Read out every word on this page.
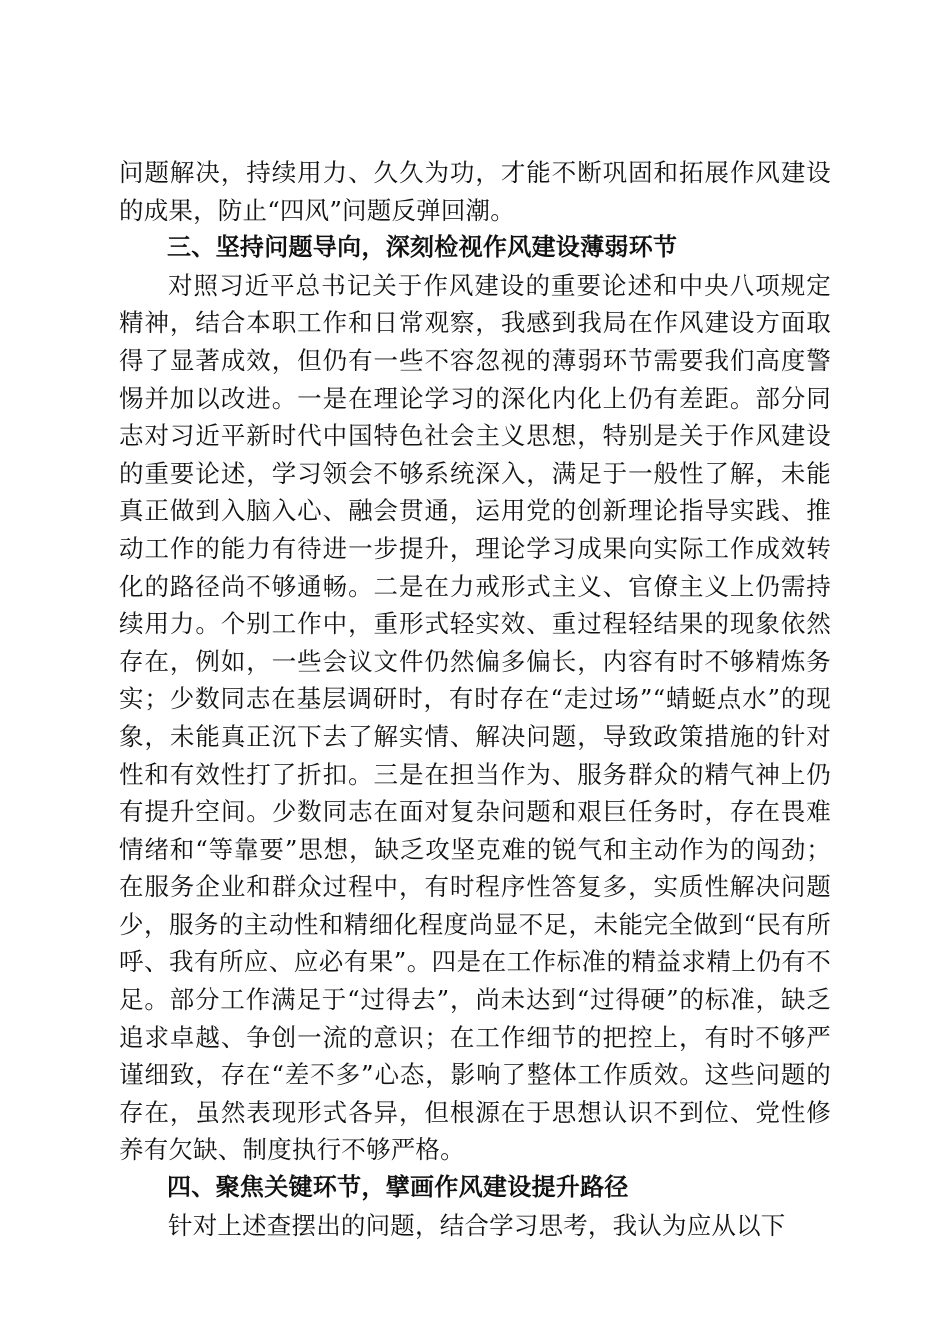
问题解决，持续用力、久久为功，才能不断巩固和拓展作风建设的成果，防止“四风”问题反弹回潮。

三、坚持问题导向，深刻检视作风建设薄弱环节

对照习近平总书记关于作风建设的重要论述和中央八项规定精神，结合本职工作和日常观察，我感到我局在作风建设方面取得了显著成效，但仍有一些不容忽视的薄弱环节需要我们高度警惕并加以改进。一是在理论学习的深化内化上仍有差距。部分同志对习近平新时代中国特色社会主义思想，特别是关于作风建设的重要论述，学习领会不够系统深入，满足于一般性了解，未能真正做到入脑入心、融会贯通，运用党的创新理论指导实践、推动工作的能力有待进一步提升，理论学习成果向实际工作成效转化的路径尚不够通畅。二是在力戒形式主义、官僚主义上仍需持续用力。个别工作中，重形式轻实效、重过程轻结果的现象依然存在，例如，一些会议文件仍然偏多偏长，内容有时不够精炼务实；少数同志在基层调研时，有时存在“走过场”“蜻蜓点水”的现象，未能真正沉下去了解实情、解决问题，导致政策措施的针对性和有效性打了折扣。三是在担当作为、服务群众的精气神上仍有提升空间。少数同志在面对复杂问题和艰巨任务时，存在畏难情绪和“等靠要”思想，缺乏攻坚克难的锐气和主动作为的闯劲；在服务企业和群众过程中，有时程序性答复多，实质性解决问题少，服务的主动性和精细化程度尚显不足，未能完全做到“民有所呼、我有所应、应必有果”。四是在工作标准的精益求精上仍有不足。部分工作满足于“过得去”，尚未达到“过得硬”的标准，缺乏追求卓越、争创一流的意识；在工作细节的把控上，有时不够严谨细致，存在“差不多”心态，影响了整体工作质效。这些问题的存在，虽然表现形式各异，但根源在于思想认识不到位、党性修养有欠缺、制度执行不够严格。

四、聚焦关键环节，擘画作风建设提升路径

针对上述查摆出的问题，结合学习思考，我认为应从以下
